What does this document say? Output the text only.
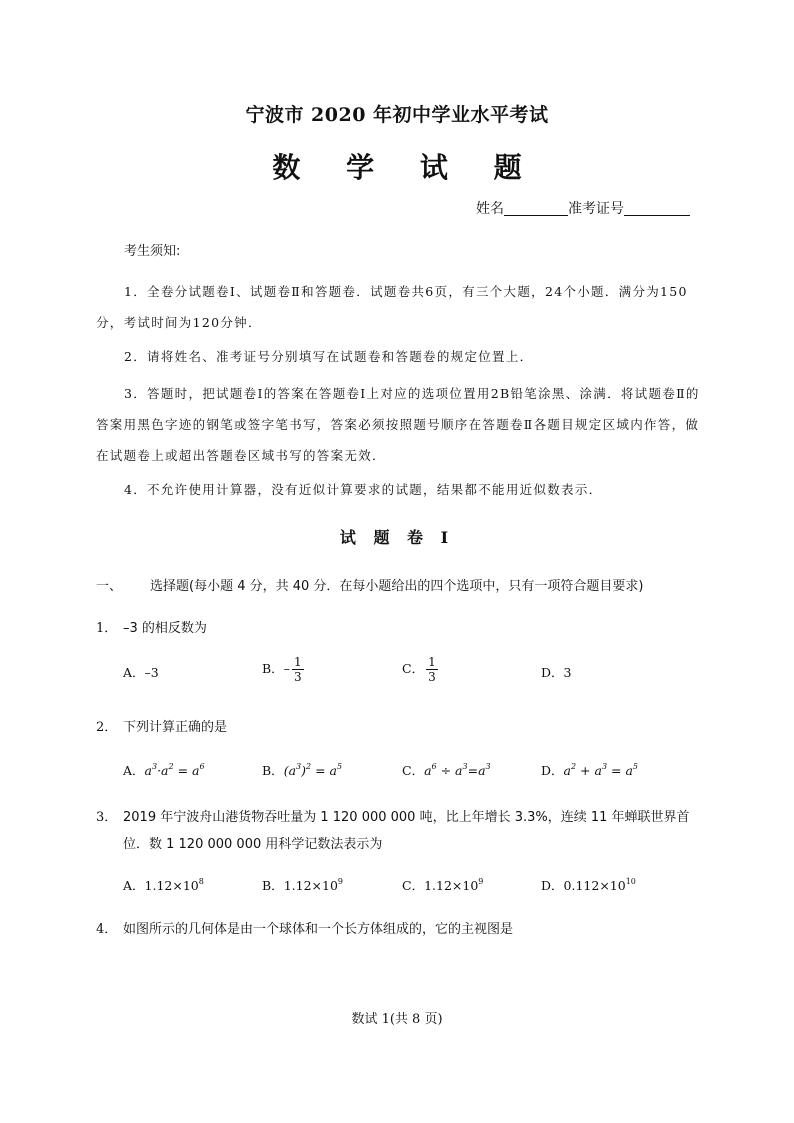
宁波市 2020 年初中学业水平考试
数 学 试 题
姓名	准考证号
考生须知:
1．全卷分试题卷Ⅰ、试题卷Ⅱ和答题卷．试题卷共6页，有三个大题，24个小题．满分为150分，考试时间为120分钟．
2．请将姓名、准考证号分别填写在试题卷和答题卷的规定位置上．
3．答题时，把试题卷Ⅰ的答案在答题卷Ⅰ上对应的选项位置用2B铅笔涂黑、涂满．将试题卷Ⅱ的答案用黑色字迹的钢笔或签字笔书写，答案必须按照题号顺序在答题卷Ⅱ各题目规定区域内作答，做在试题卷上或超出答题卷区域书写的答案无效．
4．不允许使用计算器，没有近似计算要求的试题，结果都不能用近似数表示．
试 题 卷 Ⅰ
一、 选择题(每小题 4 分，共 40 分．在每小题给出的四个选项中，只有一项符合题目要求)
1． –3 的相反数为
A．–3	B．– $\frac{1}{3}$	C． $\frac{1}{3}$	D．3
2． 下列计算正确的是
A．$a^3\cdot a^2 = a^6$	B．$(a^3)^2 = a^5$	C．$a^6 \div a^3=a^3$	D．$a^2 + a^3 = a^5$
3． 2019 年宁波舟山港货物吞吐量为 1 120 000 000 吨，比上年增长 3.3%，连续 11 年蝉联世界首
位．数 1 120 000 000 用科学记数法表示为
A．$1.12\times 10^8$	B．$1.12\times 10^9$	C．$1.12\times 10^9$	D．$0.112\times 10^{10}$
4． 如图所示的几何体是由一个球体和一个长方体组成的，它的主视图是
数试 1(共 8 页)
